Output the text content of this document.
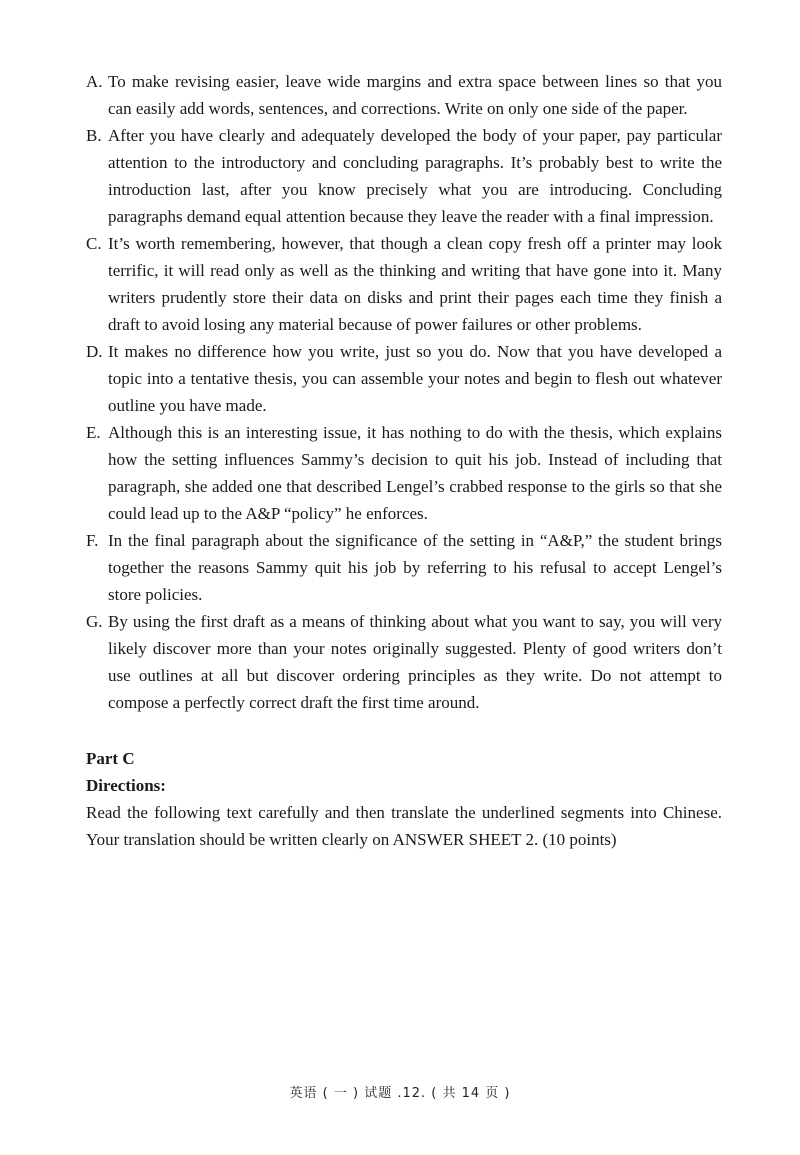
A. To make revising easier, leave wide margins and extra space between lines so that you can easily add words, sentences, and corrections. Write on only one side of the paper.

B. After you have clearly and adequately developed the body of your paper, pay particular attention to the introductory and concluding paragraphs. It’s probably best to write the introduction last, after you know precisely what you are introducing. Concluding paragraphs demand equal attention because they leave the reader with a final impression.

C. It’s worth remembering, however, that though a clean copy fresh off a printer may look terrific, it will read only as well as the thinking and writing that have gone into it. Many writers prudently store their data on disks and print their pages each time they finish a draft to avoid losing any material because of power failures or other problems.

D. It makes no difference how you write, just so you do. Now that you have developed a topic into a tentative thesis, you can assemble your notes and begin to flesh out whatever outline you have made.

E. Although this is an interesting issue, it has nothing to do with the thesis, which explains how the setting influences Sammy’s decision to quit his job. Instead of including that paragraph, she added one that described Lengel’s crabbed response to the girls so that she could lead up to the A&P “policy” he enforces.

F. In the final paragraph about the significance of the setting in “A&P,” the student brings together the reasons Sammy quit his job by referring to his refusal to accept Lengel’s store policies.

G. By using the first draft as a means of thinking about what you want to say, you will very likely discover more than your notes originally suggested. Plenty of good writers don’t use outlines at all but discover ordering principles as they write. Do not attempt to compose a perfectly correct draft the first time around.

Part C
Directions:
Read the following text carefully and then translate the underlined segments into Chinese. Your translation should be written clearly on ANSWER SHEET 2. (10 points)
英语 ( 一 ) 试题 .12. ( 共 14 页 )
